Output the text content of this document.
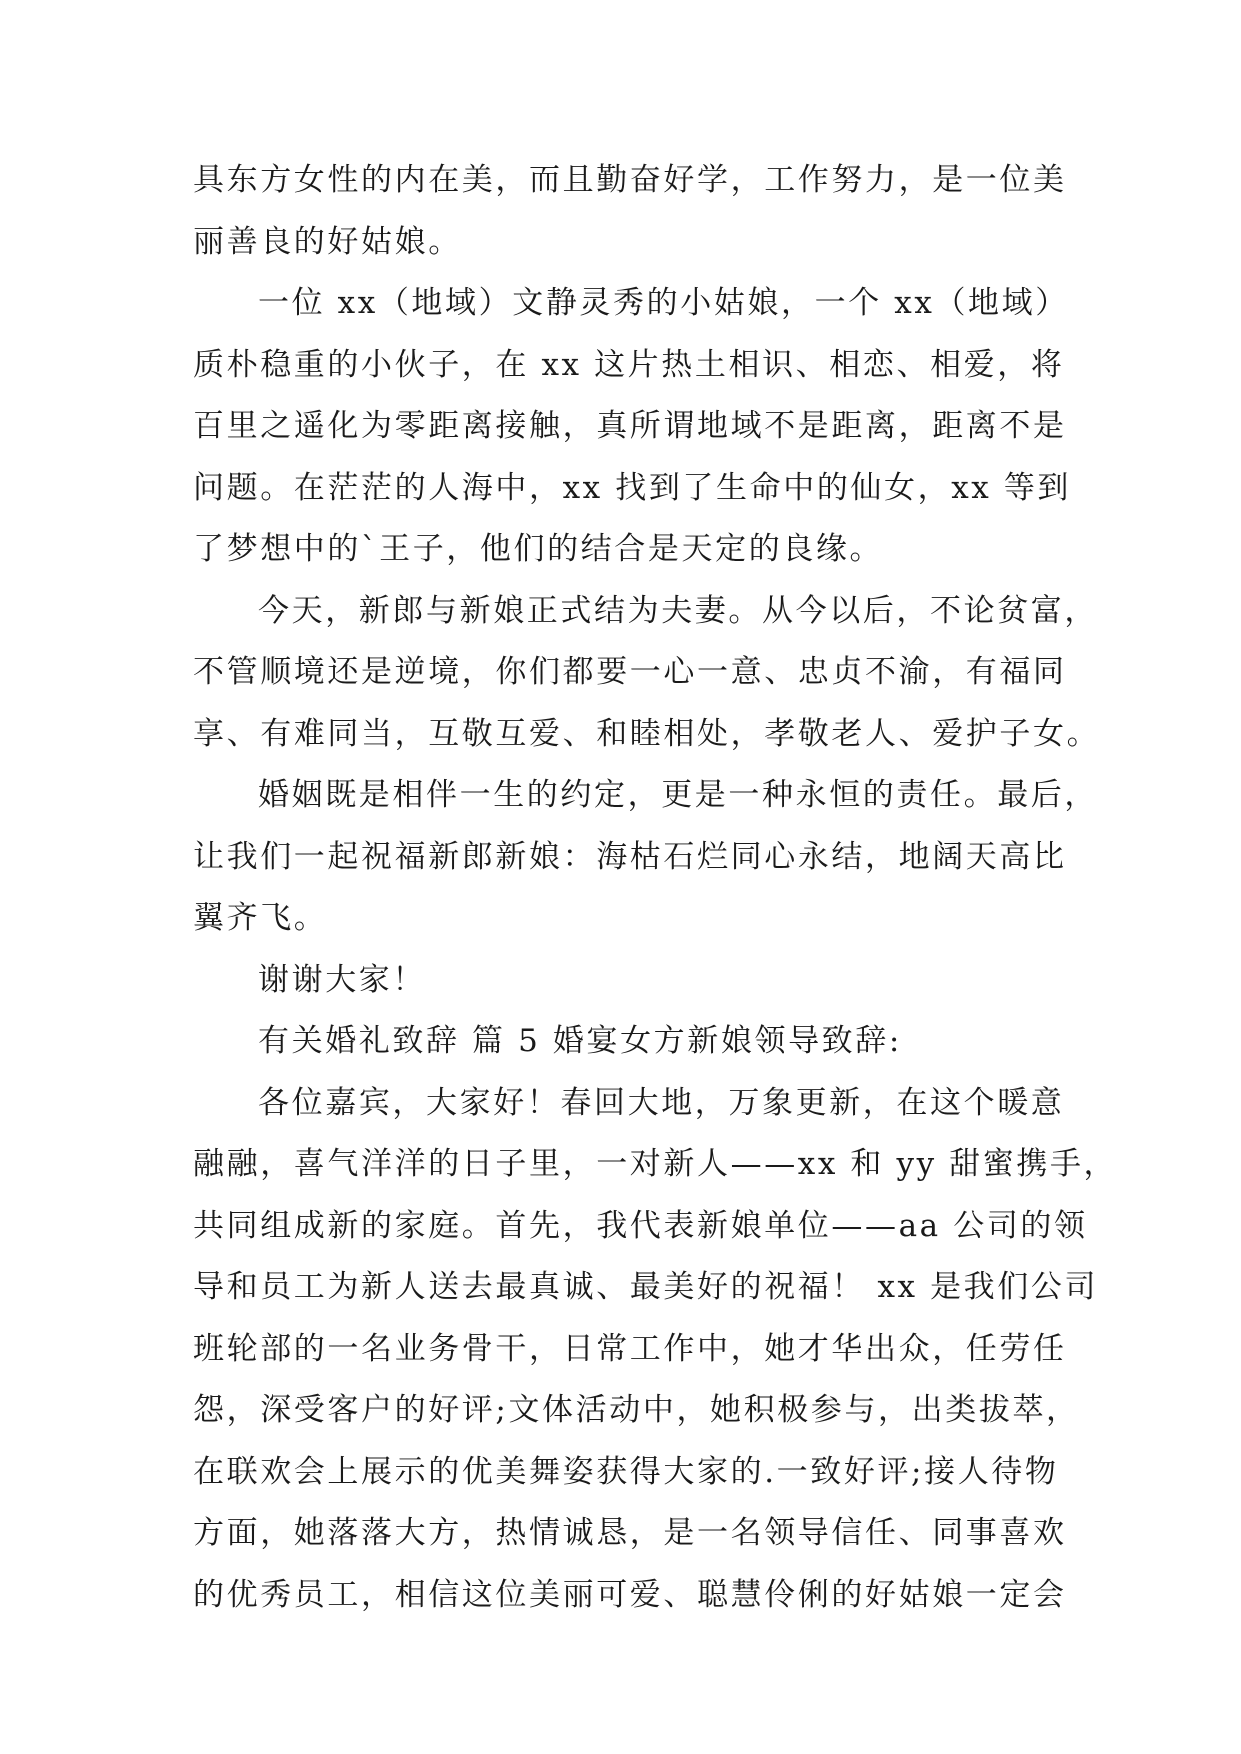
具东方女性的内在美，而且勤奋好学，工作努力，是一位美
丽善良的好姑娘。
一位 xx（地域）文静灵秀的小姑娘，一个 xx（地域）
质朴稳重的小伙子，在 xx 这片热土相识、相恋、相爱，将
百里之遥化为零距离接触，真所谓地域不是距离，距离不是
问题。在茫茫的人海中，xx 找到了生命中的仙女，xx 等到
了梦想中的`王子，他们的结合是天定的良缘。
今天，新郎与新娘正式结为夫妻。从今以后，不论贫富，
不管顺境还是逆境，你们都要一心一意、忠贞不渝，有福同
享、有难同当，互敬互爱、和睦相处，孝敬老人、爱护子女。
婚姻既是相伴一生的约定，更是一种永恒的责任。最后，
让我们一起祝福新郎新娘：海枯石烂同心永结，地阔天高比
翼齐飞。
谢谢大家！
有关婚礼致辞 篇 5 婚宴女方新娘领导致辞:
各位嘉宾，大家好！春回大地，万象更新，在这个暖意
融融，喜气洋洋的日子里，一对新人——xx 和 yy 甜蜜携手，
共同组成新的家庭。首先，我代表新娘单位——aa 公司的领
导和员工为新人送去最真诚、最美好的祝福！ xx 是我们公司
班轮部的一名业务骨干，日常工作中，她才华出众，任劳任
怨，深受客户的好评;文体活动中，她积极参与，出类拔萃，
在联欢会上展示的优美舞姿获得大家的.一致好评;接人待物
方面，她落落大方，热情诚恳，是一名领导信任、同事喜欢
的优秀员工，相信这位美丽可爱、聪慧伶俐的好姑娘一定会
